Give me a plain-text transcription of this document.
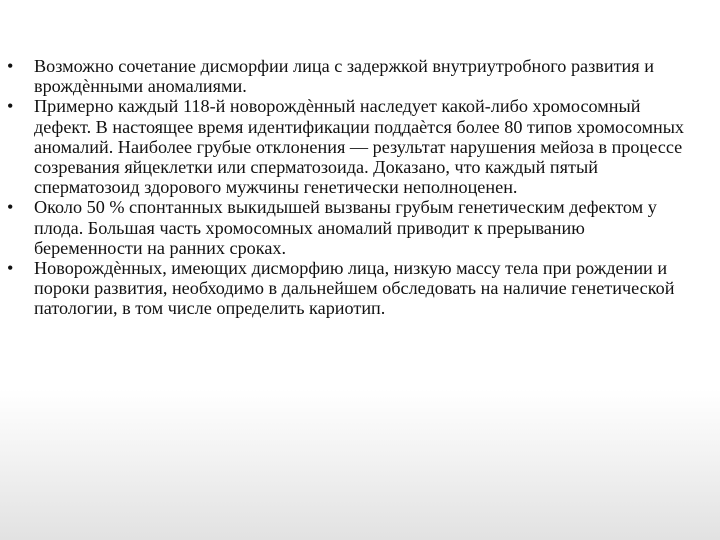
•	Возможно сочетание дисморфии лица с задержкой внутриутробного развития и врождѐнными аномалиями.
•	Примерно каждый 118-й новорождѐнный наследует какой-либо хромосомный дефект. В настоящее время идентификации поддаѐтся более 80 типов хромосомных аномалий. Наиболее грубые отклонения — результат нарушения мейоза в процессе созревания яйцеклетки или сперматозоида. Доказано, что каждый пятый сперматозоид здорового мужчины генетически неполноценен.
•	Около 50 % спонтанных выкидышей вызваны грубым генетическим дефектом у плода. Большая часть хромосомных аномалий приводит к прерыванию беременности на ранних сроках.
•	Новорождѐнных, имеющих дисморфию лица, низкую массу тела при рождении и пороки развития, необходимо в дальнейшем обследовать на наличие генетической патологии, в том числе определить кариотип.
